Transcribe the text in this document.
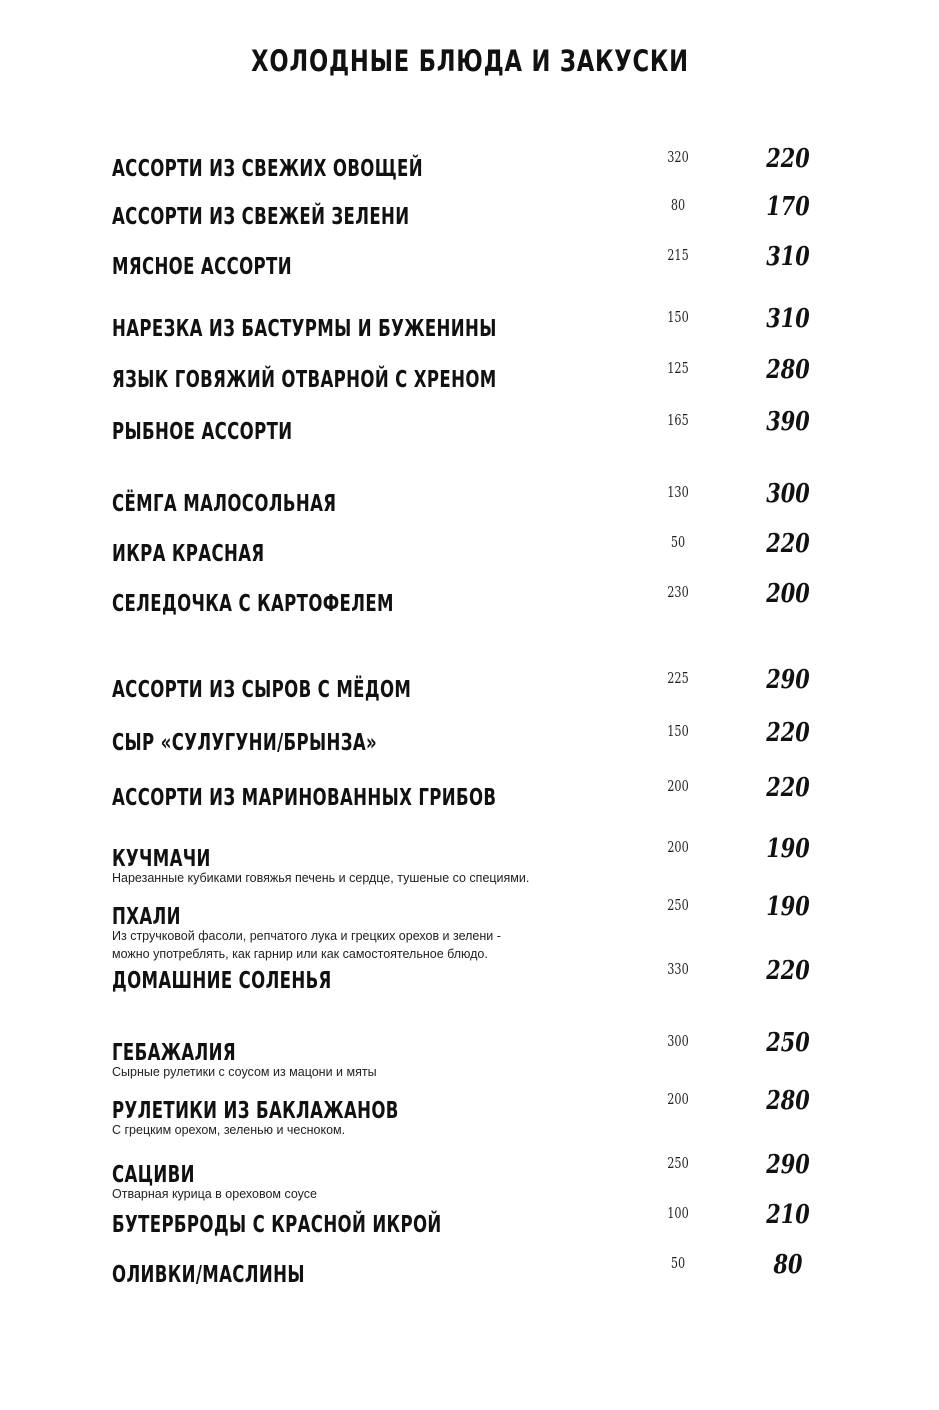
ХОЛОДНЫЕ БЛЮДА И ЗАКУСКИ
АССОРТИ ИЗ СВЕЖИХ ОВОЩЕЙ	320	220
АССОРТИ ИЗ СВЕЖЕЙ ЗЕЛЕНИ	80	170
МЯСНОЕ АССОРТИ	215	310
НАРЕЗКА ИЗ БАСТУРМЫ И БУЖЕНИНЫ	150	310
ЯЗЫК ГОВЯЖИЙ ОТВАРНОЙ С ХРЕНОМ	125	280
РЫБНОЕ АССОРТИ	165	390
СЁМГА МАЛОСОЛЬНАЯ	130	300
ИКРА КРАСНАЯ	50	220
СЕЛЕДОЧКА С КАРТОФЕЛЕМ	230	200
АССОРТИ ИЗ СЫРОВ С МЁДОМ	225	290
СЫР «СУЛУГУНИ/БРЫНЗА»	150	220
АССОРТИ ИЗ МАРИНОВАННЫХ ГРИБОВ	200	220
КУЧМАЧИ
Нарезанные кубиками говяжья печень и сердце, тушеные со специями.
200	190
ПХАЛИ
Из стручковой фасоли, репчатого лука и грецких орехов и зелени -
можно употреблять, как гарнир или как самостоятельное блюдо.
250	190
ДОМАШНИЕ СОЛЕНЬЯ	330	220
ГЕБАЖАЛИЯ
Сырные рулетики с соусом из мацони и мяты
300	250
РУЛЕТИКИ ИЗ БАКЛАЖАНОВ
С грецким орехом, зеленью и чесноком.
200	280
САЦИВИ
Отварная курица в ореховом соусе
250	290
БУТЕРБРОДЫ С КРАСНОЙ ИКРОЙ	100	210
ОЛИВКИ/МАСЛИНЫ	50	80
